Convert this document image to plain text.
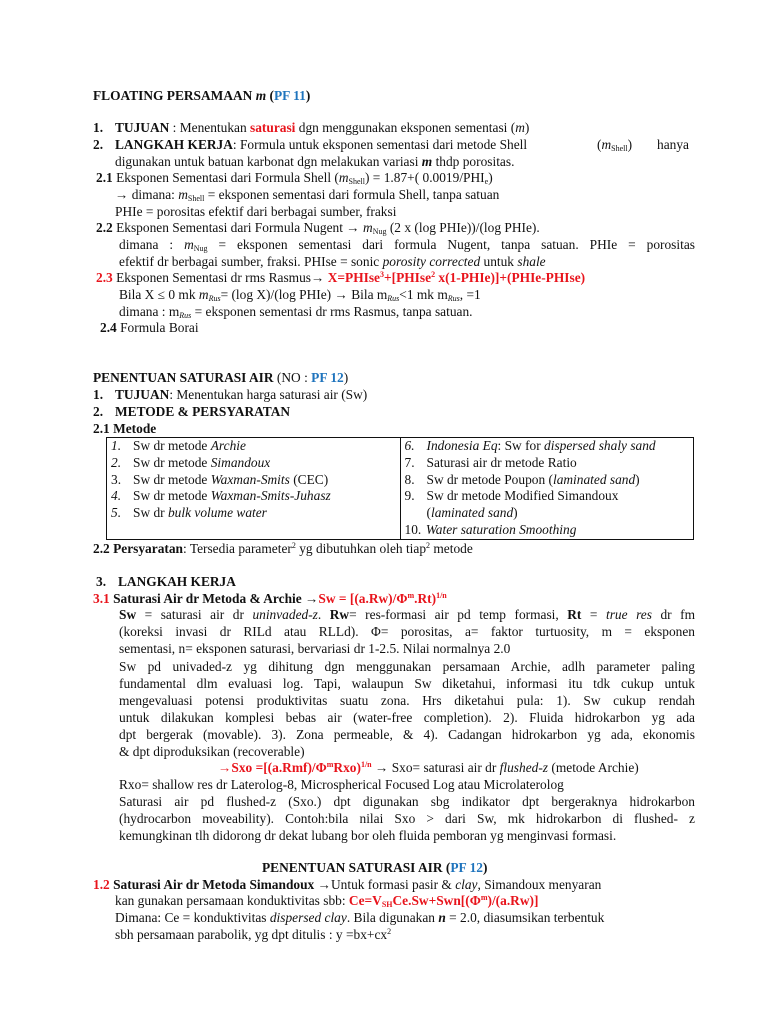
FLOATING PERSAMAAN m (PF 11)
1. TUJUAN : Menentukan saturasi dgn menggunakan eksponen sementasi (m)
2. LANGKAH KERJA: Formula untuk eksponen sementasi dari metode Shell	$(m_{Shell})$ hanya
digunakan untuk batuan karbonat dgn melakukan variasi m thdp porositas.
2.1 Eksponen Sementasi dari Formula Shell $(m_{Shell}) = 1.87+$( $0.0019/PHI_e$)
→ dimana: $m_{Shell}$ = eksponen sementasi dari formula Shell, tanpa satuan
PHIe = porositas efektif dari berbagai sumber, fraksi
2.2 Eksponen Sementasi dari Formula Nugent → $m_{Nug}$ (2 x (log PHIe))/(log PHIe).
dimana : $m_{Nug}$ = eksponen sementasi dari formula Nugent, tanpa satuan. PHIe = porositas
efektif dr berbagai sumber, fraksi. PHIse = sonic porosity corrected untuk shale
2.3 Eksponen Sementasi dr rms Rasmus→ X=PHIse$^3$+[PHIse$^2$ x(1-PHIe)]+(PHIe-PHIse)
Bila X ≤ 0 mk $m_{Rus}= (\log$ X)/(log PHIe) → Bila $m_{Rus}<1$ mk $m_{Rus}$, =1
dimana : $m_{Rus}$ = eksponen sementasi dr rms Rasmus, tanpa satuan.
2.4 Formula Borai
PENENTUAN SATURASI AIR (NO : PF 12)
1. TUJUAN: Menentukan harga saturasi air (Sw)
2. METODE & PERSYARATAN
2.1 Metode
1. Sw dr metode Archie
2. Sw dr metode Simandoux
3. Sw dr metode Waxman-Smits (CEC)
4. Sw dr metode Waxman-Smits-Juhasz
5. Sw dr bulk volume water

6. Indonesia Eq: Sw for dispersed shaly sand
7. Saturasi air dr metode Ratio
8. Sw dr metode Poupon (laminated sand)
9. Sw dr metode Modified Simandoux
(laminated sand)
10. Water saturation Smoothing
2.2 Persyaratan: Tersedia parameter$^2$ yg dibutuhkan oleh tiap$^2$ metode
3. LANGKAH KERJA
3.1 Saturasi Air dr Metoda & Archie $\to Sw = [(a.Rw)/\Phi^m.Rt)^{1/n}$
Sw = saturasi air dr uninvaded-z. Rw= res-formasi air pd temp formasi, Rt = true res dr fm
(koreksi invasi dr RILd atau RLLd). Φ= porositas, a= faktor turtuosity, m = eksponen
sementasi, n= eksponen saturasi, bervariasi dr 1-2.5. Nilai normalnya 2.0
Sw pd univaded-z yg dihitung dgn menggunakan persamaan Archie, adlh parameter paling
fundamental dlm evaluasi log. Tapi, walaupun Sw diketahui, informasi itu tdk cukup untuk
mengevaluasi potensi produktivitas suatu zona. Hrs diketahui pula: 1). Sw cukup rendah
untuk dilakukan komplesi bebas air (water-free completion). 2). Fluida hidrokarbon yg ada
dpt bergerak (movable). 3). Zona permeable, & 4). Cadangan hidrokarbon yg ada, ekonomis
& dpt diproduksikan (recoverable)
$\to Sxo =[(a.Rmf)/\Phi^mRxo)^{1/n} \to Sxo=$ saturasi air dr flushed-z (metode Archie)
Rxo= shallow res dr Laterolog-8, Microspherical Focused Log atau Microlaterolog
Saturasi air pd flushed-z (Sxo.) dpt digunakan sbg indikator dpt bergeraknya hidrokarbon
(hydrocarbon moveability). Contoh:bila nilai Sxo > dari Sw, mk hidrokarbon di flushed- z
kemungkinan tlh didorong dr dekat lubang bor oleh fluida pemboran yg menginvasi formasi.
PENENTUAN SATURASI AIR (PF 12)
1.2 Saturasi Air dr Metoda Simandoux →Untuk formasi pasir & clay, Simandoux menyaran
kan gunakan persamaan konduktivitas sbb: $Ce=V_{SH}Ce.Sw+Swn[(\Phi^m)/(a.Rw)]$
Dimana: Ce = konduktivitas dispersed clay. Bila digunakan n = 2.0, diasumsikan terbentuk
sbh persamaan parabolik, yg dpt ditulis : $y =bx+cx^2$
